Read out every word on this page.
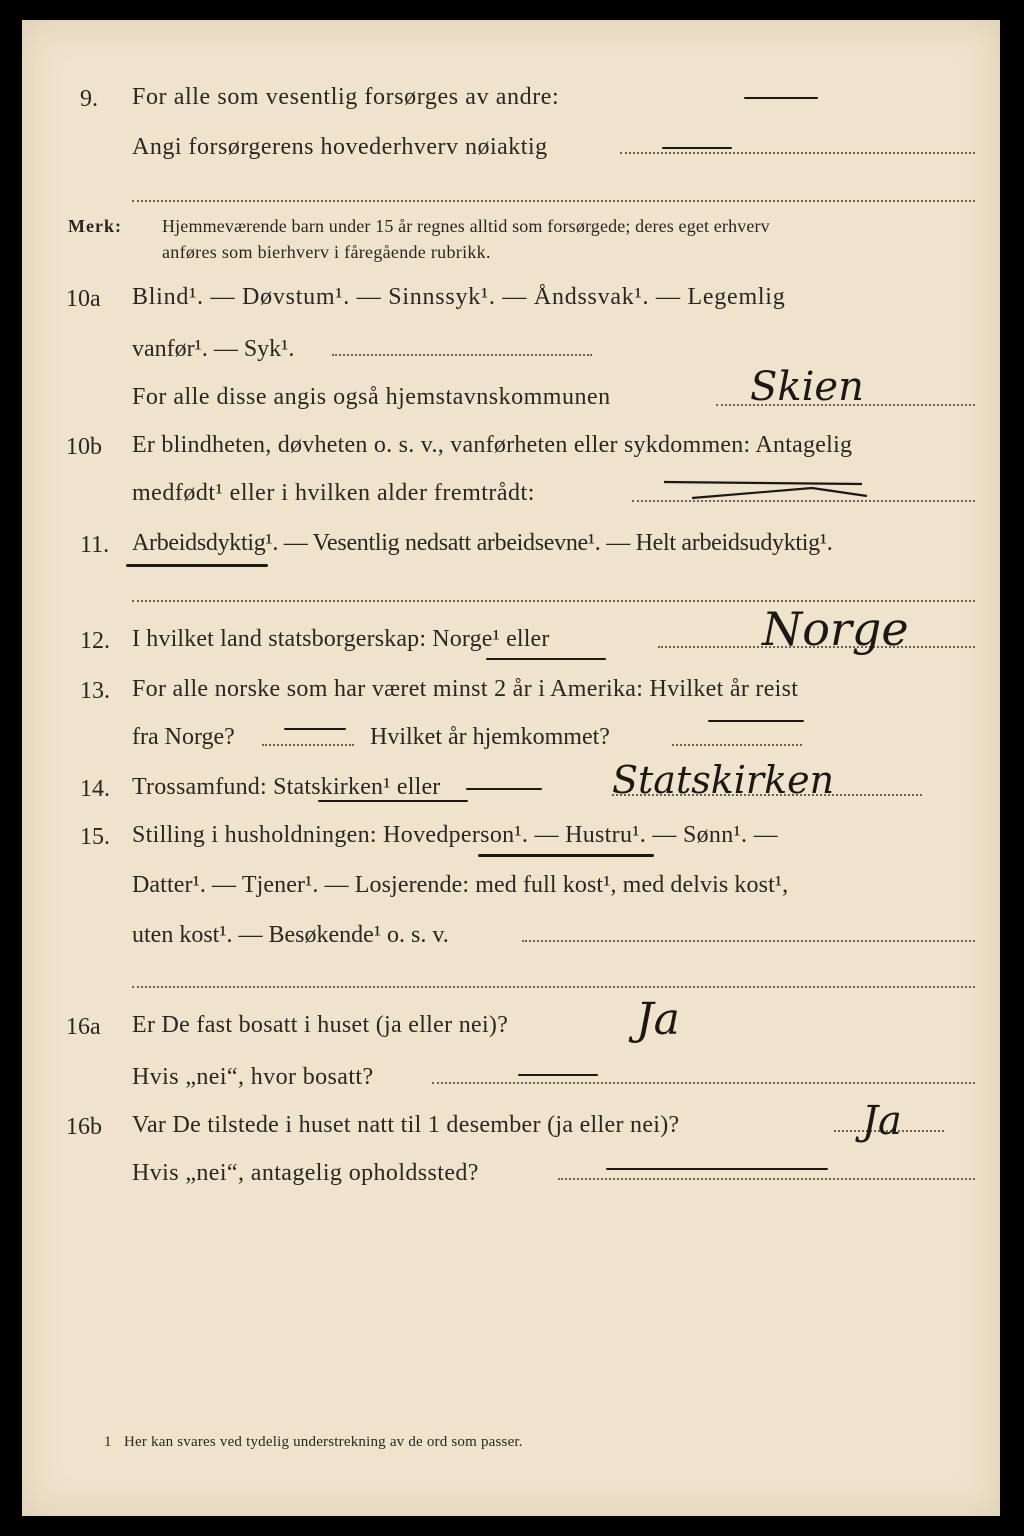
9. For alle som vesentlig forsørges av andre:
Angi forsørgerens hovederhverv nøiaktig
Merk: Hjemmeværende barn under 15 år regnes alltid som forsørgede; deres eget erhverv
anføres som bierhverv i fåregående rubrikk.
10a Blind¹. — Døvstum¹. — Sinnssyk¹. — Åndssvak¹. — Legemlig
vanfør¹. — Syk¹.
For alle disse angis også hjemstavnskommunen	Skien
10b Er blindheten, døvheten o. s. v., vanførheten eller sykdommen: Antagelig
medfødt¹ eller i hvilken alder fremtrådt:
11. Arbeidsdyktig¹. — Vesentlig nedsatt arbeidsevne¹. — Helt arbeidsudyktig¹.
12. I hvilket land statsborgerskap: Norge¹ eller	Norge
13. For alle norske som har været minst 2 år i Amerika: Hvilket år reist
fra Norge?	Hvilket år hjemkommet?
14. Trossamfund: Statskirken¹ eller	Statskirken
15. Stilling i husholdningen: Hovedperson¹. — Hustru¹. — Sønn¹. —
Datter¹. — Tjener¹. — Losjerende: med full kost¹, med delvis kost¹,
uten kost¹. — Besøkende¹ o. s. v.
16a Er De fast bosatt i huset (ja eller nei)?	Ja
Hvis „nei“, hvor bosatt?
16b Var De tilstede i huset natt til 1 desember (ja eller nei)?	Ja
Hvis „nei“, antagelig opholdssted?
1 Her kan svares ved tydelig understrekning av de ord som passer.
